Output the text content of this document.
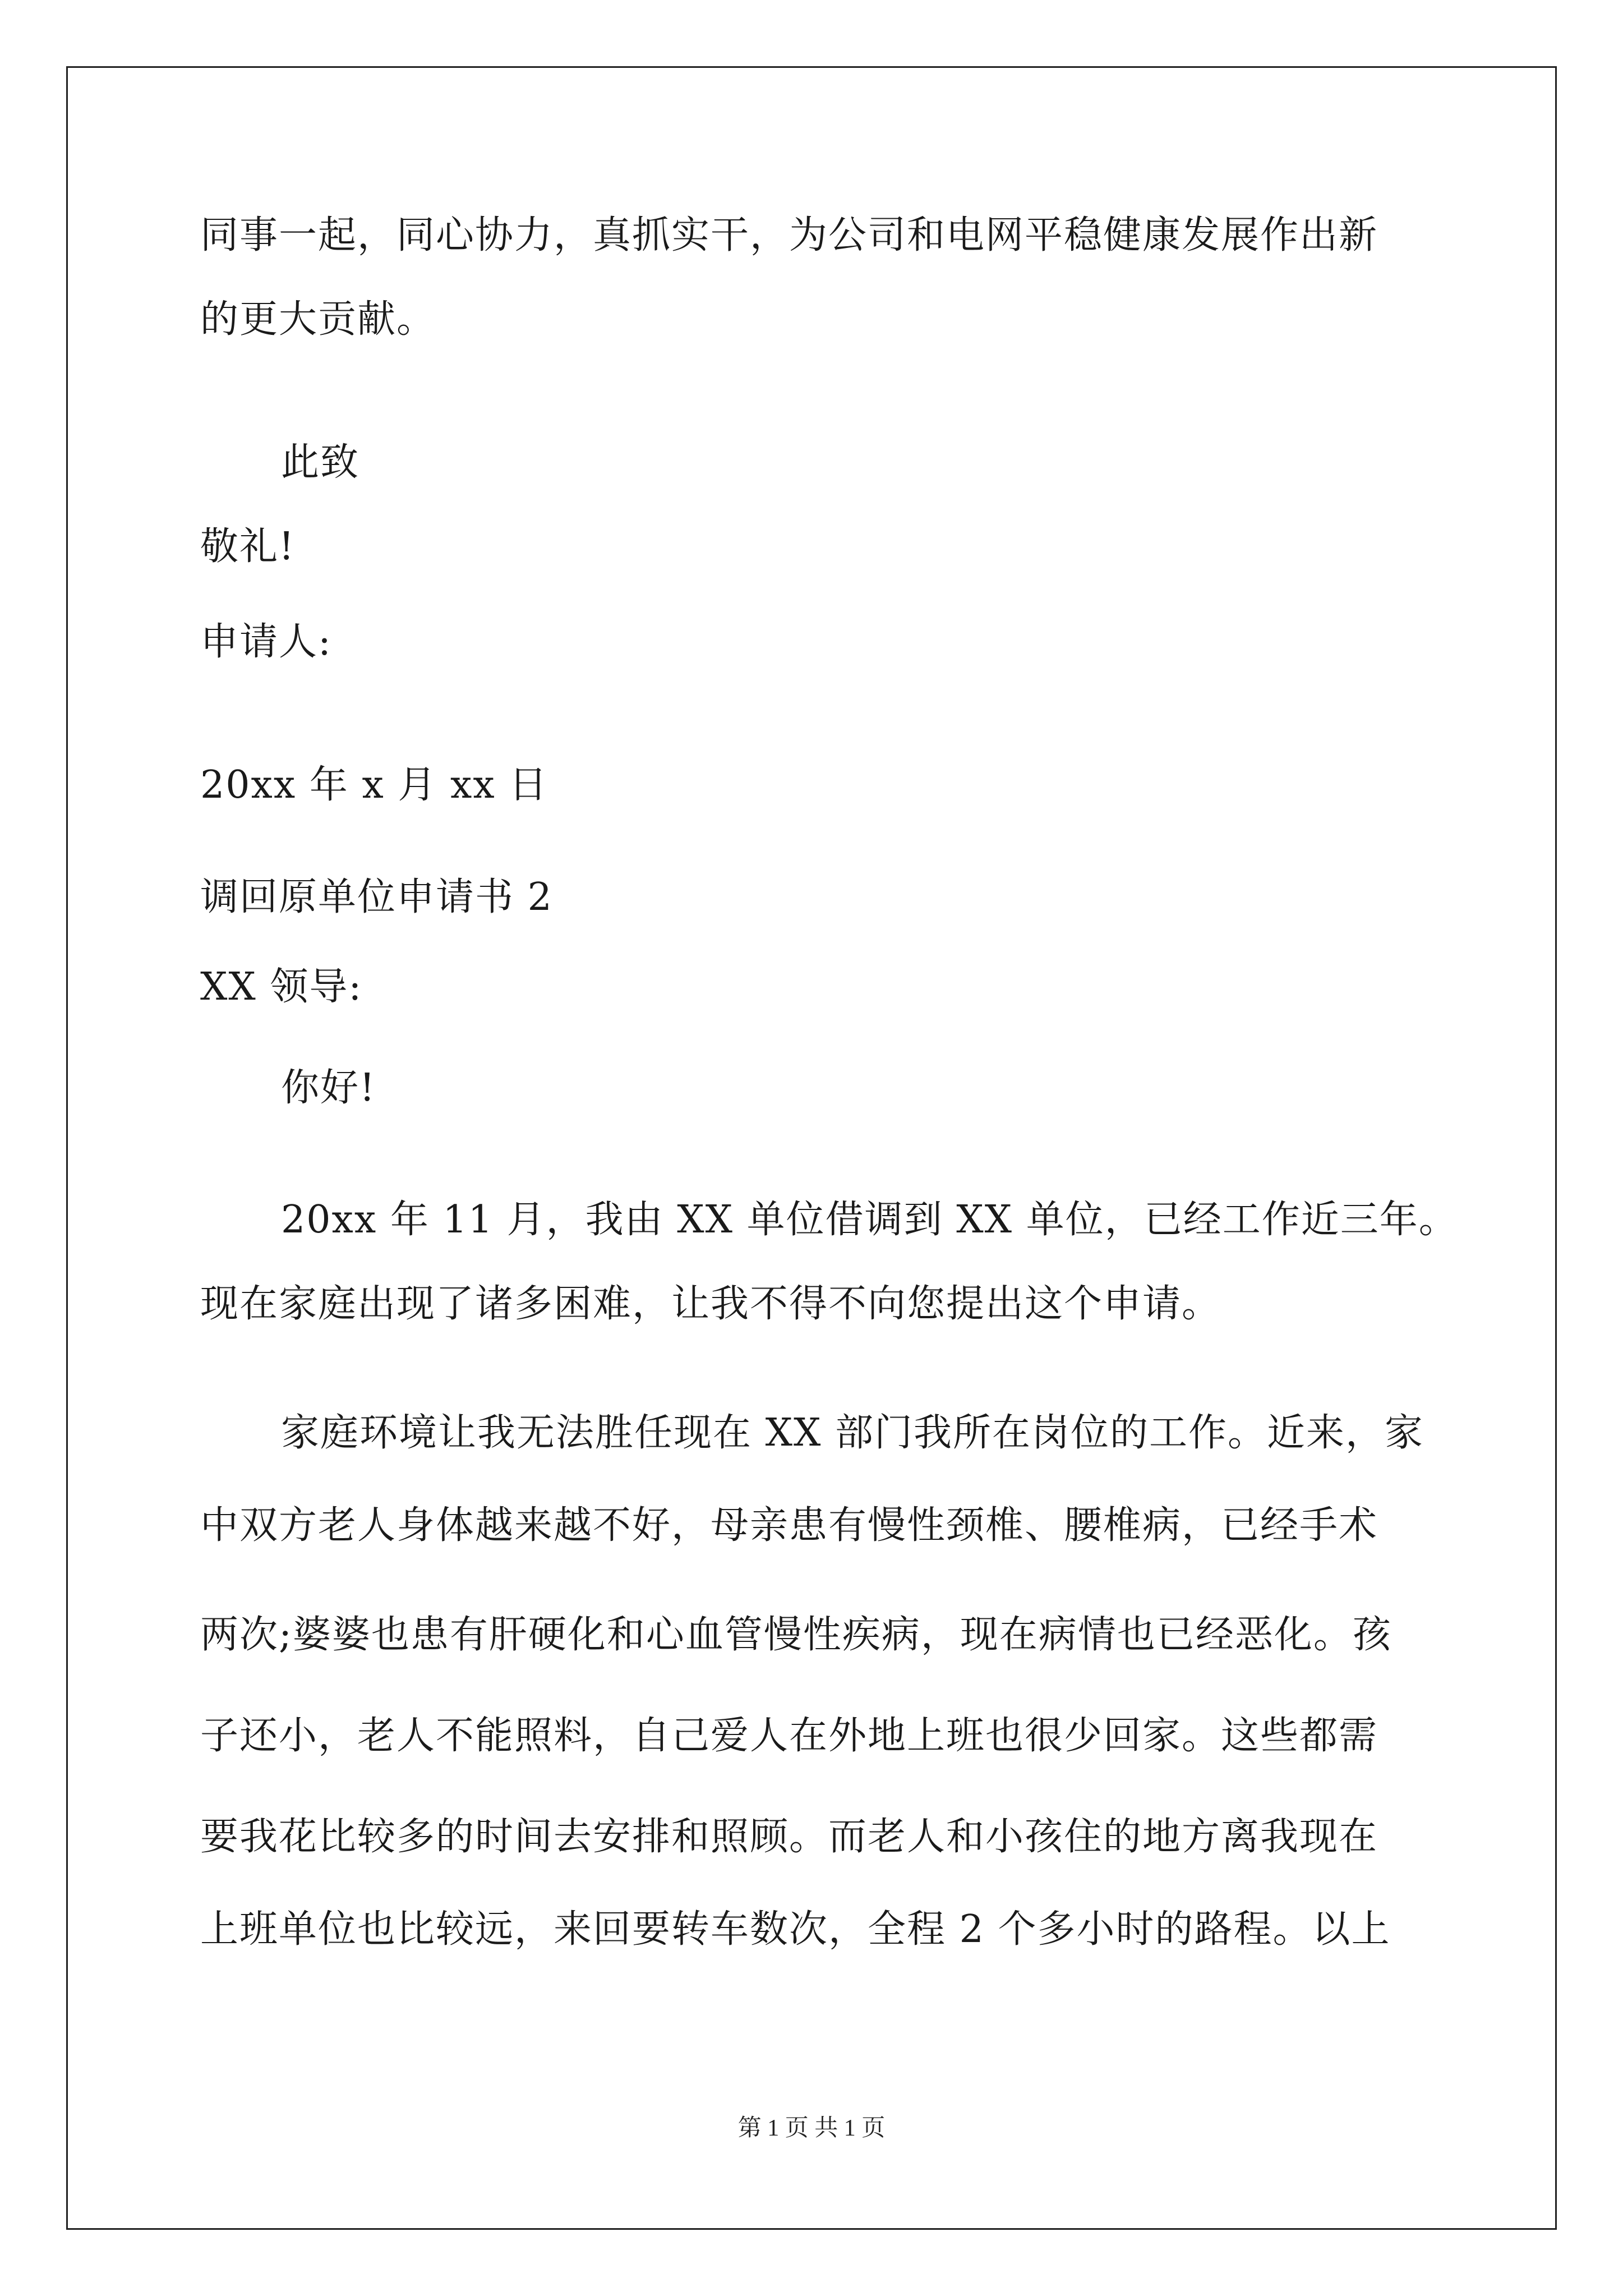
同事一起，同心协力，真抓实干，为公司和电网平稳健康发展作出新
的更大贡献。
此致
敬礼!
申请人:
20xx 年 x 月 xx 日
调回原单位申请书 2
XX 领导:
你好!
20xx 年 11 月，我由 XX 单位借调到 XX 单位，已经工作近三年。
现在家庭出现了诸多困难，让我不得不向您提出这个申请。
家庭环境让我无法胜任现在 XX 部门我所在岗位的工作。近来，家
中双方老人身体越来越不好，母亲患有慢性颈椎、腰椎病，已经手术
两次;婆婆也患有肝硬化和心血管慢性疾病，现在病情也已经恶化。孩
子还小，老人不能照料，自己爱人在外地上班也很少回家。这些都需
要我花比较多的时间去安排和照顾。而老人和小孩住的地方离我现在
上班单位也比较远，来回要转车数次，全程 2 个多小时的路程。以上
第 1 页 共 1 页
